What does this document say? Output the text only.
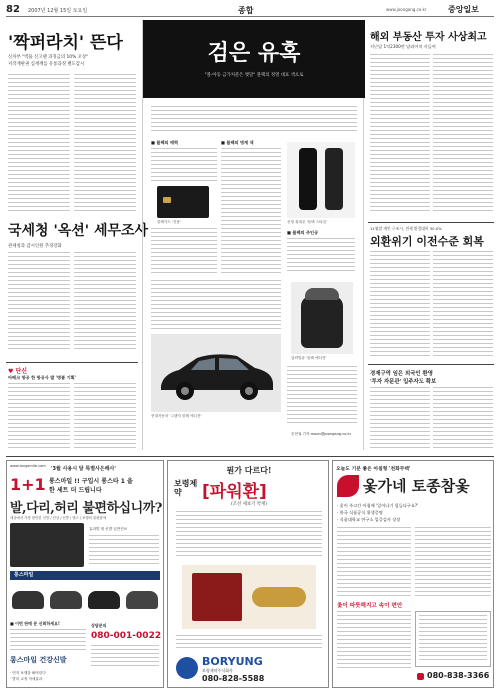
82 2007년 12월 15일 토요일	종합	www.joongang.co.kr	중앙일보
'짝퍼라치' 뜬다
신차부 "벽퓸 신고땐 과징금의 10% 포상"
저작재판권 심재깨를 유통과정 별도감시
국세청 '옥션' 세무조사
관세청과 감시인원 추경강화
♥ 단신
아베크 항공 한 항공사 발 '명품 기획'
검은 유혹
"블·아동 금가처분은 옛말" 블랙의 정열 대표 색으로
■ 블랙의 매력
블랙카드 '신용'
■ 블랙의 명계 색
신형 휴대폰 '블랙 스타일'
■ 블랙의 주인공
압력밥솥 '블랙 에디션'
현대자동차 '그랜저 블랙 에디션'
문현권 기자 moon@joongang.co.kr
해외 부동산 투자 사상최고
지난달 1억2300만 달러어치 사들여
11월말 개인 구조시, 전세 환경대비 30.0%
외환위기 이전수준 회복
경제구역 임은 외국인 환영
'투자 자문관' 입주자도 확보
www.longsmile.com '3월 사용시 달 특별사은해사'
1+1 롱스마일 !! 구입시 롱스타 1 을
한 세트 더 드립니다
발,다리,허리 불편하십니까?
세상에서 가장 편안한 신발 / 건강 / 신발 / 엘스 / 보행의 불편함에
효과발 재 신발 일반진보
롱스마일
■ 이번 판매 문 신뢰하세요!	상담문의
080-001-0022
롱스마일 건강신발
· 먼저 보행을 봐야한다
· 발의 교정 자세효과
뭔가 다르다!
보령제약	[파워환]
(조선 세보기 약재)
BORYUNG
보령제약주식회사
080-828-5588
오늘도 기분 좋은 아침형 '천화무텍'
옻가네 토종참옻
· 옻이 주고간 아침에 '일어나기 힘들다구요?'
· 한국 식품공식 위생증명
· 식품대학교 연구소 입증검사 상장
옻이 따뜻해지고 속이 편안
080-838-3366
